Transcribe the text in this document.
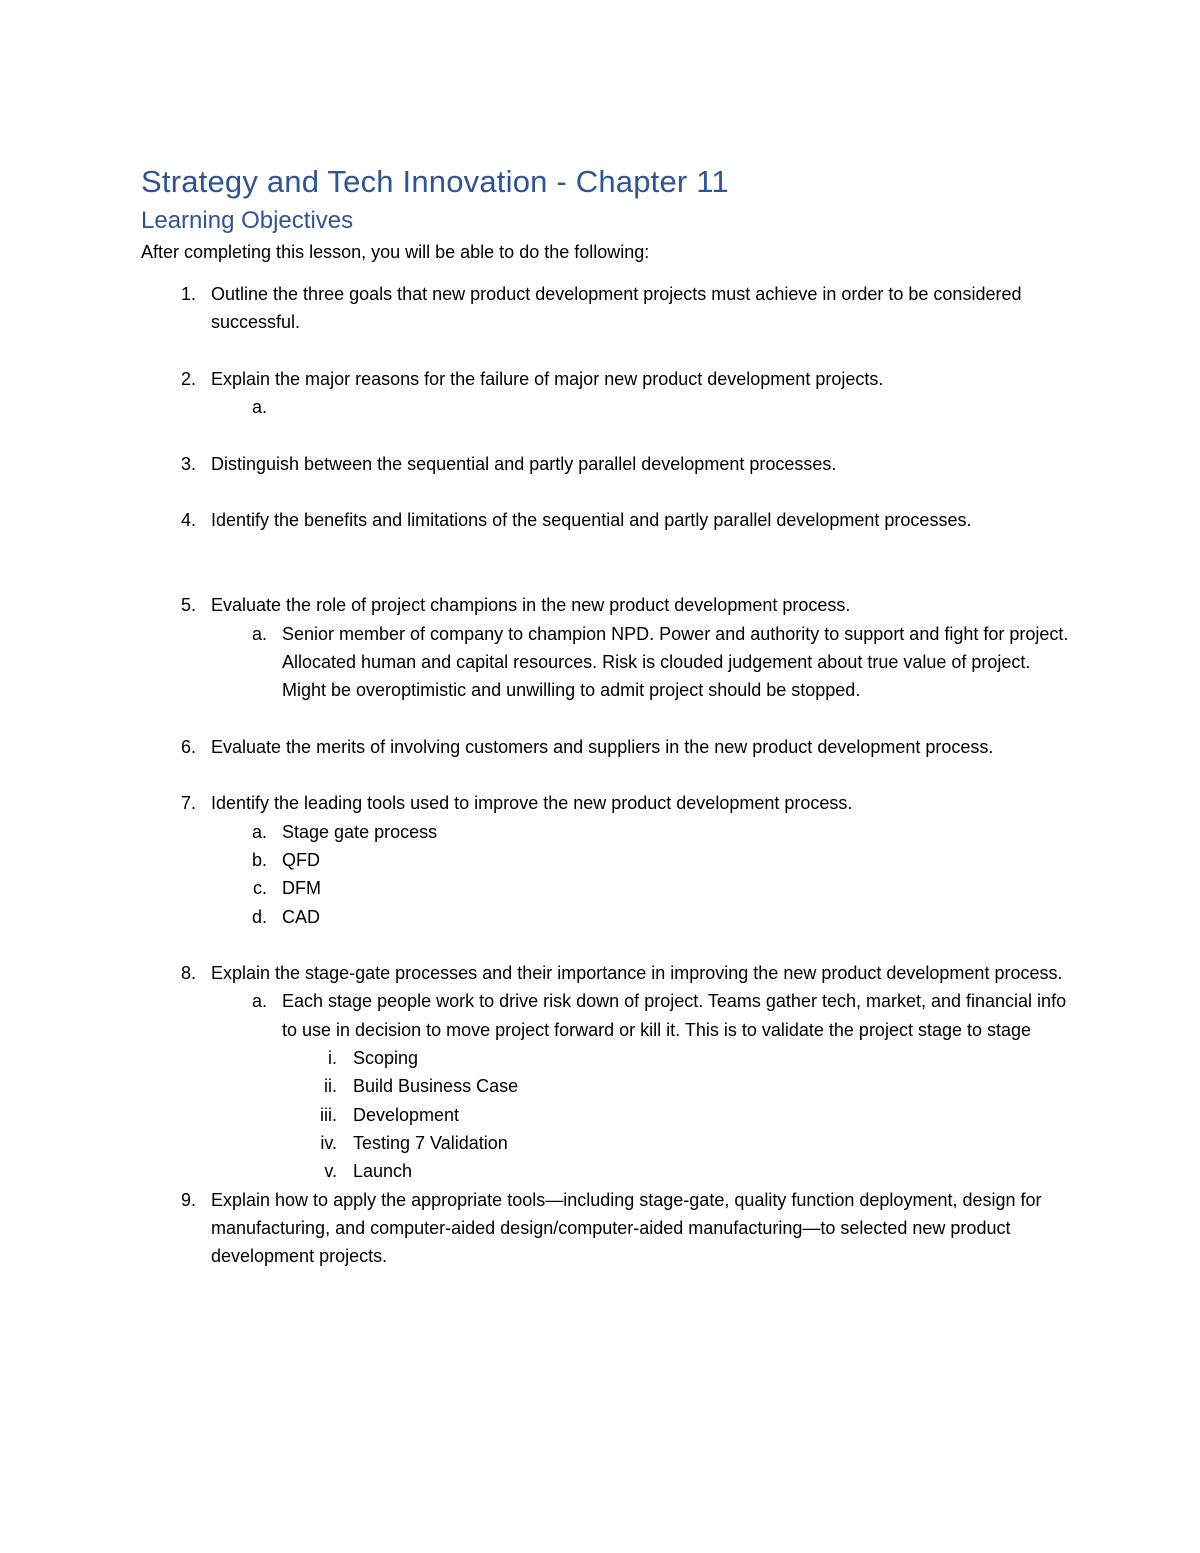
Strategy and Tech Innovation - Chapter 11
Learning Objectives

After completing this lesson, you will be able to do the following:

1. Outline the three goals that new product development projects must achieve in order to be considered successful.
2. Explain the major reasons for the failure of major new product development projects.
a.

3. Distinguish between the sequential and partly parallel development processes.
4. Identify the benefits and limitations of the sequential and partly parallel development processes.
5. Evaluate the role of project champions in the new product development process.
a. Senior member of company to champion NPD. Power and authority to support and fight for project. Allocated human and capital resources. Risk is clouded judgement about true value of project. Might be overoptimistic and unwilling to admit project should be stopped.
6. Evaluate the merits of involving customers and suppliers in the new product development process.
7. Identify the leading tools used to improve the new product development process.
a. Stage gate process
b. QFD
c. DFM
d. CAD
8. Explain the stage-gate processes and their importance in improving the new product development process.
a. Each stage people work to drive risk down of project. Teams gather tech, market, and financial info to use in decision to move project forward or kill it. This is to validate the project stage to stage
i. Scoping
ii. Build Business Case
iii. Development
iv. Testing 7 Validation
v. Launch
9. Explain how to apply the appropriate tools—including stage-gate, quality function deployment, design for manufacturing, and computer-aided design/computer-aided manufacturing—to selected new product development projects.
